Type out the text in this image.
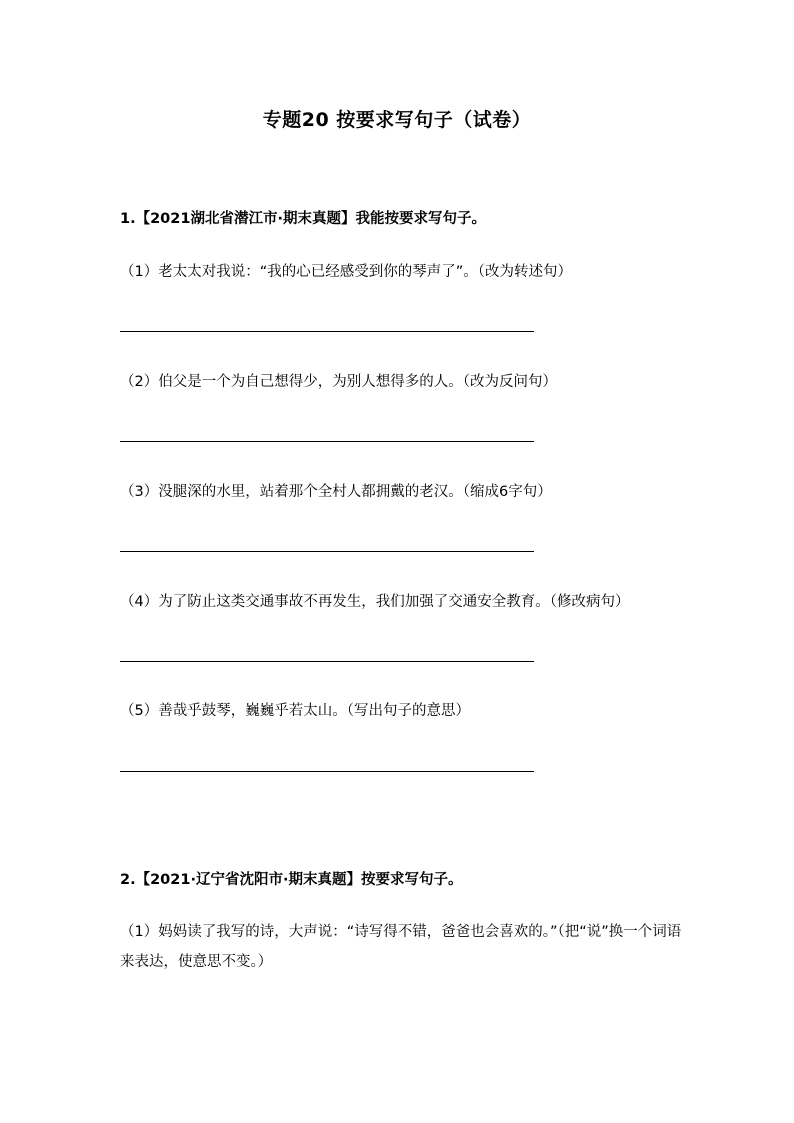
专题20 按要求写句子（试卷）
1.【2021湖北省潜江市·期末真题】我能按要求写句子。
（1）老太太对我说：“我的心已经感受到你的琴声了”。（改为转述句）
（2）伯父是一个为自己想得少，为别人想得多的人。（改为反问句）
（3）没腿深的水里，站着那个全村人都拥戴的老汉。（缩成6字句）
（4）为了防止这类交通事故不再发生，我们加强了交通安全教育。（修改病句）
（5）善哉乎鼓琴，巍巍乎若太山。（写出句子的意思）
2.【2021·辽宁省沈阳市·期末真题】按要求写句子。
（1）妈妈读了我写的诗，大声说：“诗写得不错，爸爸也会喜欢的。”（把“说”换一个词语来表达，使意思不变。）
